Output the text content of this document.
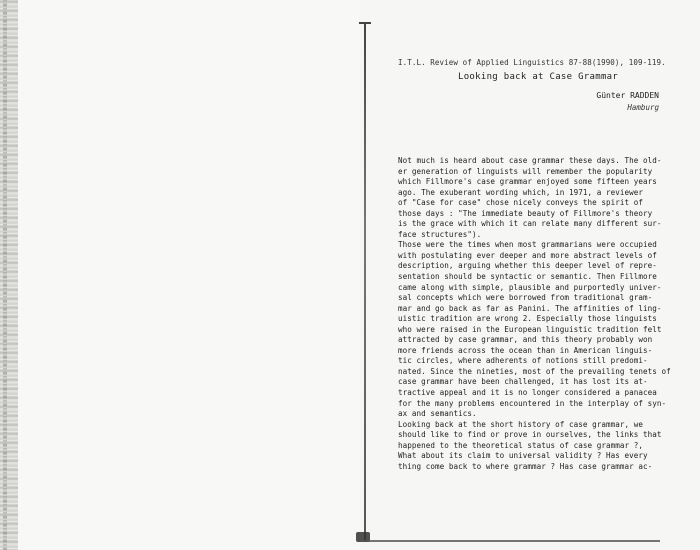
I.T.L. Review of Applied Linguistics 87-88(1990), 109-119.
Looking back at Case Grammar
Günter RADDEN
Hamburg
Not much is heard about case grammar these days. The old-
er generation of linguists will remember the popularity
which Fillmore's case grammar enjoyed some fifteen years
ago. The exuberant wording which, in 1971, a reviewer
of "Case for case" chose nicely conveys the spirit of
those days : "The immediate beauty of Fillmore's theory
is the grace with which it can relate many different sur-
face structures").
Those were the times when most grammarians were occupied
with postulating ever deeper and more abstract levels of
description, arguing whether this deeper level of repre-
sentation should be syntactic or semantic. Then Fillmore
came along with simple, plausible and purportedly univer-
sal concepts which were borrowed from traditional gram-
mar and go back as far as Panini. The affinities of ling-
uistic tradition are wrong 2. Especially those linguists
who were raised in the European linguistic tradition felt
attracted by case grammar, and this theory probably won
more friends across the ocean than in American linguis-
tic circles, where adherents of notions still predomi-
nated. Since the nineties, most of the prevailing tenets of
case grammar have been challenged, it has lost its at-
tractive appeal and it is no longer considered a panacea
for the many problems encountered in the interplay of syn-
ax and semantics.
Looking back at the short history of case grammar, we
should like to find or prove in ourselves, the links that
happened to the theoretical status of case grammar ?,
What about its claim to universal validity ? Has every
thing come back to where grammar ? Has case grammar ac-
